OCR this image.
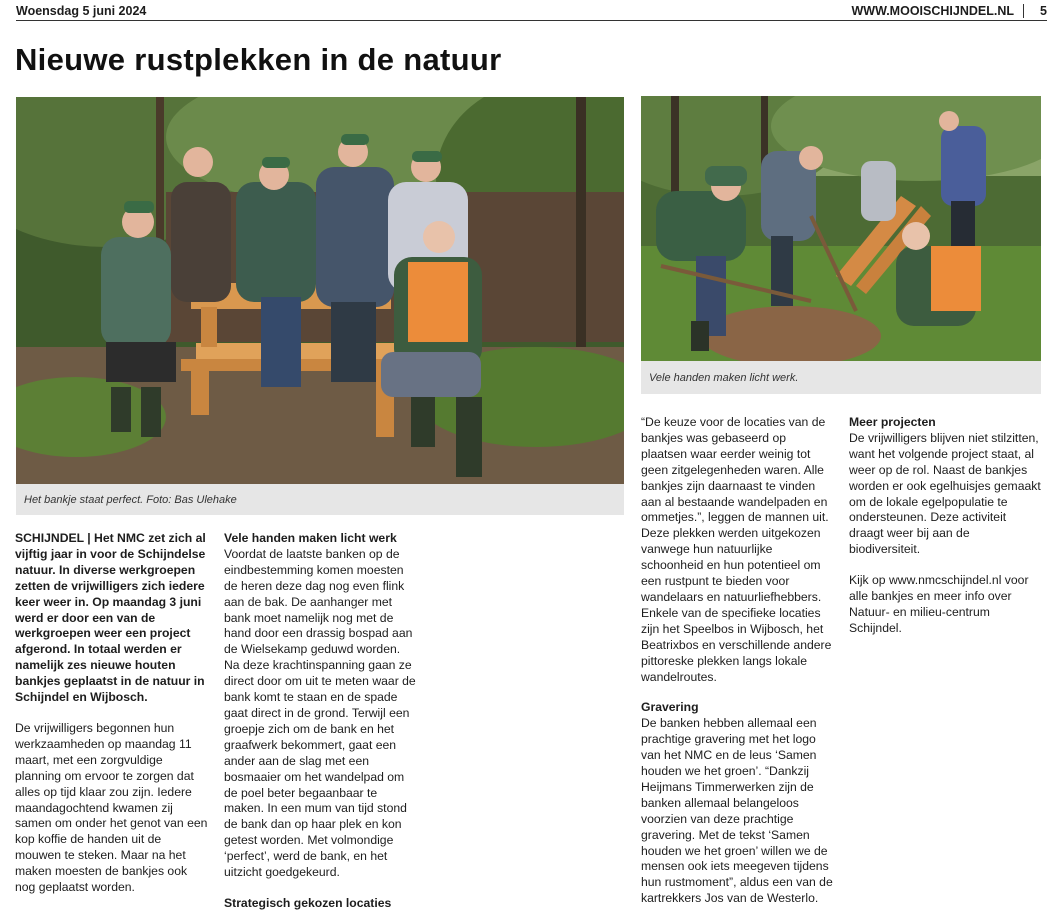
Woensdag 5 juni 2024	WWW.MOOISCHIJNDEL.NL 5
Nieuwe rustplekken in de natuur
Het bankje staat perfect. Foto: Bas Ulehake
Vele handen maken licht werk.

SCHIJNDEL | Het NMC zet zich al vijftig jaar in voor de Schijndelse natuur. In diverse werkgroepen zetten de vrijwilligers zich iedere keer weer in. Op maandag 3 juni werd er door een van de werkgroepen weer een project afgerond. In totaal werden er namelijk zes nieuwe houten bankjes geplaatst in de natuur in Schijndel en Wijbosch.

De vrijwilligers begonnen hun werkzaamheden op maandag 11 maart, met een zorgvuldige planning om ervoor te zorgen dat alles op tijd klaar zou zijn. Iedere maandagochtend kwamen zij samen om onder het genot van een kop koffie de handen uit de mouwen te steken. Maar na het maken moesten de bankjes ook nog geplaatst worden.

Vele handen maken licht werk

Voordat de laatste banken op de eindbestemming komen moesten de heren deze dag nog even flink aan de bak. De aanhanger met bank moet namelijk nog met de hand door een drassig bospad aan de Wielsekamp geduwd worden. Na deze krachtinspanning gaan ze direct door om uit te meten waar de bank komt te staan en de spade gaat direct in de grond. Terwijl een groepje zich om de bank en het graafwerk bekommert, gaat een ander aan de slag met een bosmaaier om het wandelpad om de poel beter begaanbaar te maken. In een mum van tijd stond de bank dan op haar plek en kon getest worden. Met volmondige ‘perfect’, werd de bank, en het uitzicht goedgekeurd.

Strategisch gekozen locaties

“De keuze voor de locaties van de bankjes was gebaseerd op plaatsen waar eerder weinig tot geen zitgelegenheden waren. Alle bankjes zijn daarnaast te vinden aan al bestaande wandelpaden en ommetjes.”, leggen de mannen uit. Deze plekken werden uitgekozen vanwege hun natuurlijke schoonheid en hun potentieel om een rustpunt te bieden voor wandelaars en natuurliefhebbers. Enkele van de specifieke locaties zijn het Speelbos in Wijbosch, het Beatrixbos en verschillende andere pittoreske plekken langs lokale wandelroutes.

Gravering

De banken hebben allemaal een prachtige gravering met het logo van het NMC en de leus ‘Samen houden we het groen’. “Dankzij Heijmans Timmerwerken zijn de banken allemaal belangeloos voorzien van deze prachtige gravering. Met de tekst ‘Samen houden we het groen’ willen we de mensen ook iets meegeven tijdens hun rustmoment”, aldus een van de kartrekkers Jos van de Westerlo.

Meer projecten

De vrijwilligers blijven niet stilzitten, want het volgende project staat, al weer op de rol. Naast de bankjes worden er ook egelhuisjes gemaakt om de lokale egelpopulatie te ondersteunen. Deze activiteit draagt weer bij aan de biodiversiteit.

Kijk op www.nmcschijndel.nl voor alle bankjes en meer info over Natuur- en milieu-centrum Schijndel.
